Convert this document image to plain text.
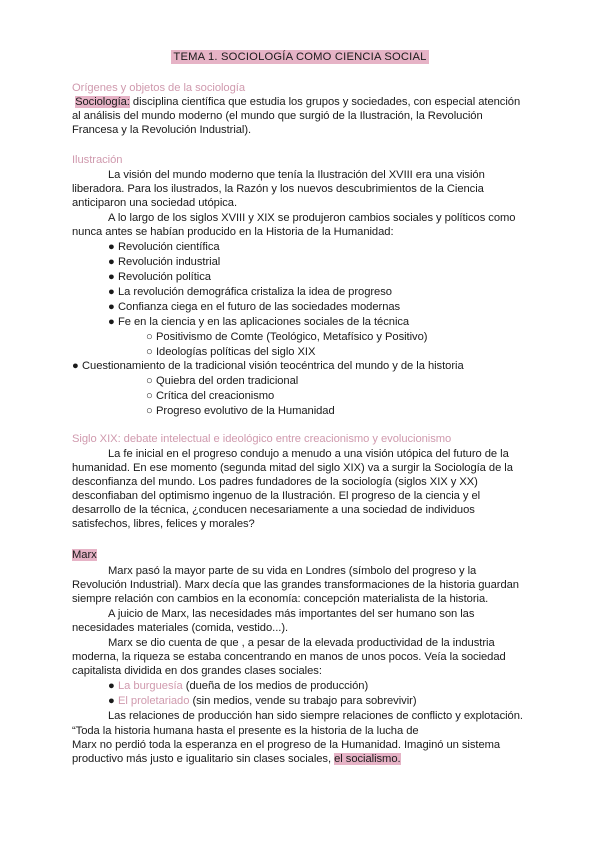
TEMA 1. SOCIOLOGÍA COMO CIENCIA SOCIAL
Orígenes y objetos de la sociología
Sociología: disciplina científica que estudia los grupos y sociedades, con especial atención
al análisis del mundo moderno (el mundo que surgió de la Ilustración, la Revolución
Francesa y la Revolución Industrial).
Ilustración
La visión del mundo moderno que tenía la Ilustración del XVIII era una visión
liberadora. Para los ilustrados, la Razón y los nuevos descubrimientos de la Ciencia
anticiparon una sociedad utópica.
A lo largo de los siglos XVIII y XIX se produjeron cambios sociales y políticos como
nunca antes se habían producido en la Historia de la Humanidad:
● Revolución científica
● Revolución industrial
● Revolución política
● La revolución demográfica cristaliza la idea de progreso
● Confianza ciega en el futuro de las sociedades modernas
● Fe en la ciencia y en las aplicaciones sociales de la técnica
○ Positivismo de Comte (Teológico, Metafísico y Positivo)
○ Ideologías políticas del siglo XIX
● Cuestionamiento de la tradicional visión teocéntrica del mundo y de la historia
○ Quiebra del orden tradicional
○ Crítica del creacionismo
○ Progreso evolutivo de la Humanidad
Siglo XIX: debate intelectual e ideológico entre creacionismo y evolucionismo
La fe inicial en el progreso condujo a menudo a una visión utópica del futuro de la
humanidad. En ese momento (segunda mitad del siglo XIX) va a surgir la Sociología de la
desconfianza del mundo. Los padres fundadores de la sociología (siglos XIX y XX)
desconfiaban del optimismo ingenuo de la Ilustración. El progreso de la ciencia y el
desarrollo de la técnica, ¿conducen necesariamente a una sociedad de individuos
satisfechos, libres, felices y morales?
Marx
Marx pasó la mayor parte de su vida en Londres (símbolo del progreso y la
Revolución Industrial). Marx decía que las grandes transformaciones de la historia guardan
siempre relación con cambios en la economía: concepción materialista de la historia.
A juicio de Marx, las necesidades más importantes del ser humano son las
necesidades materiales (comida, vestido...).
Marx se dio cuenta de que , a pesar de la elevada productividad de la industria
moderna, la riqueza se estaba concentrando en manos de unos pocos. Veía la sociedad
capitalista dividida en dos grandes clases sociales:
● La burguesía (dueña de los medios de producción)
● El proletariado (sin medios, vende su trabajo para sobrevivir)
Las relaciones de producción han sido siempre relaciones de conflicto y explotación.
“Toda la historia humana hasta el presente es la historia de la lucha de
Marx no perdió toda la esperanza en el progreso de la Humanidad. Imaginó un sistema
productivo más justo e igualitario sin clases sociales, el socialismo.
